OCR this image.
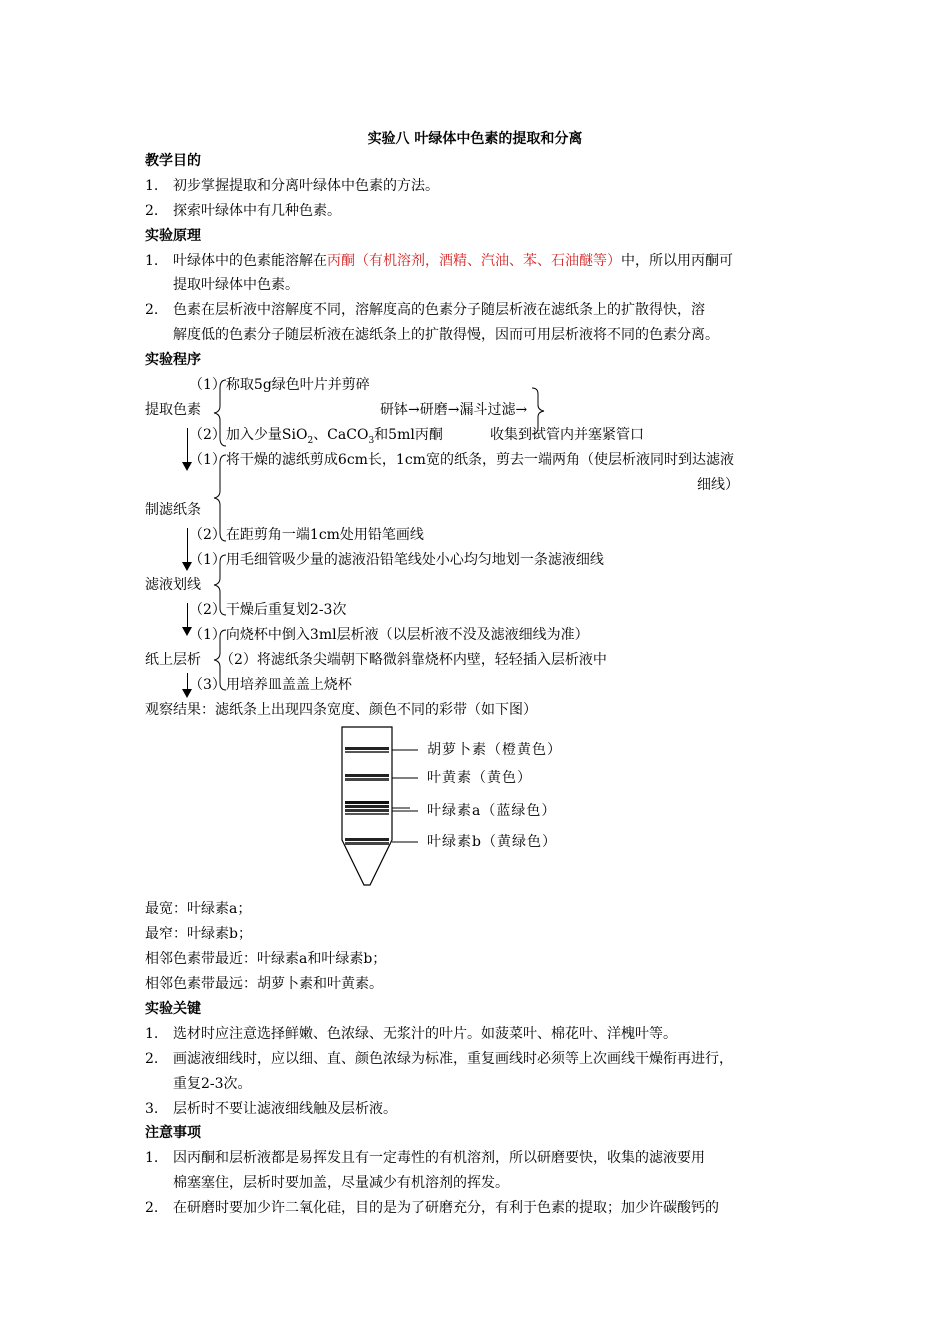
实验八 叶绿体中色素的提取和分离
教学目的
1. 初步掌握提取和分离叶绿体中色素的方法。
2. 探索叶绿体中有几种色素。
实验原理
1. 叶绿体中的色素能溶解在丙酮（有机溶剂，酒精、汽油、苯、石油醚等）中，所以用丙酮可
提取叶绿体中色素。
2. 色素在层析液中溶解度不同，溶解度高的色素分子随层析液在滤纸条上的扩散得快，溶
解度低的色素分子随层析液在滤纸条上的扩散得慢，因而可用层析液将不同的色素分离。
实验程序
（1）称取5g绿色叶片并剪碎
提取色素	研钵→研磨→漏斗过滤→
（2）加入少量SiO$_2$、CaCO$_3$和5ml丙酮	收集到试管内并塞紧管口
（1）将干燥的滤纸剪成6cm长，1cm宽的纸条，剪去一端两角（使层析液同时到达滤液
细线）
制滤纸条
（2）在距剪角一端1cm处用铅笔画线
（1）用毛细管吸少量的滤液沿铅笔线处小心均匀地划一条滤液细线
滤液划线
（2）干燥后重复划2-3次
（1）向烧杯中倒入3ml层析液（以层析液不没及滤液细线为准）
纸上层析 （2）将滤纸条尖端朝下略微斜靠烧杯内壁，轻轻插入层析液中
（3）用培养皿盖盖上烧杯
观察结果：滤纸条上出现四条宽度、颜色不同的彩带（如下图）
胡萝卜素（橙黄色）
叶黄素（黄色）
叶绿素a（蓝绿色）
叶绿素b（黄绿色）
最宽：叶绿素a；
最窄：叶绿素b；
相邻色素带最近：叶绿素a和叶绿素b；
相邻色素带最远：胡萝卜素和叶黄素。
实验关键
1. 选材时应注意选择鲜嫩、色浓绿、无浆汁的叶片。如菠菜叶、棉花叶、洋槐叶等。
2. 画滤液细线时，应以细、直、颜色浓绿为标准，重复画线时必须等上次画线干燥衔再进行，
重复2-3次。
3. 层析时不要让滤液细线触及层析液。
注意事项
1. 因丙酮和层析液都是易挥发且有一定毒性的有机溶剂，所以研磨要快，收集的滤液要用
棉塞塞住，层析时要加盖，尽量减少有机溶剂的挥发。
2. 在研磨时要加少许二氧化硅，目的是为了研磨充分，有利于色素的提取；加少许碳酸钙的
